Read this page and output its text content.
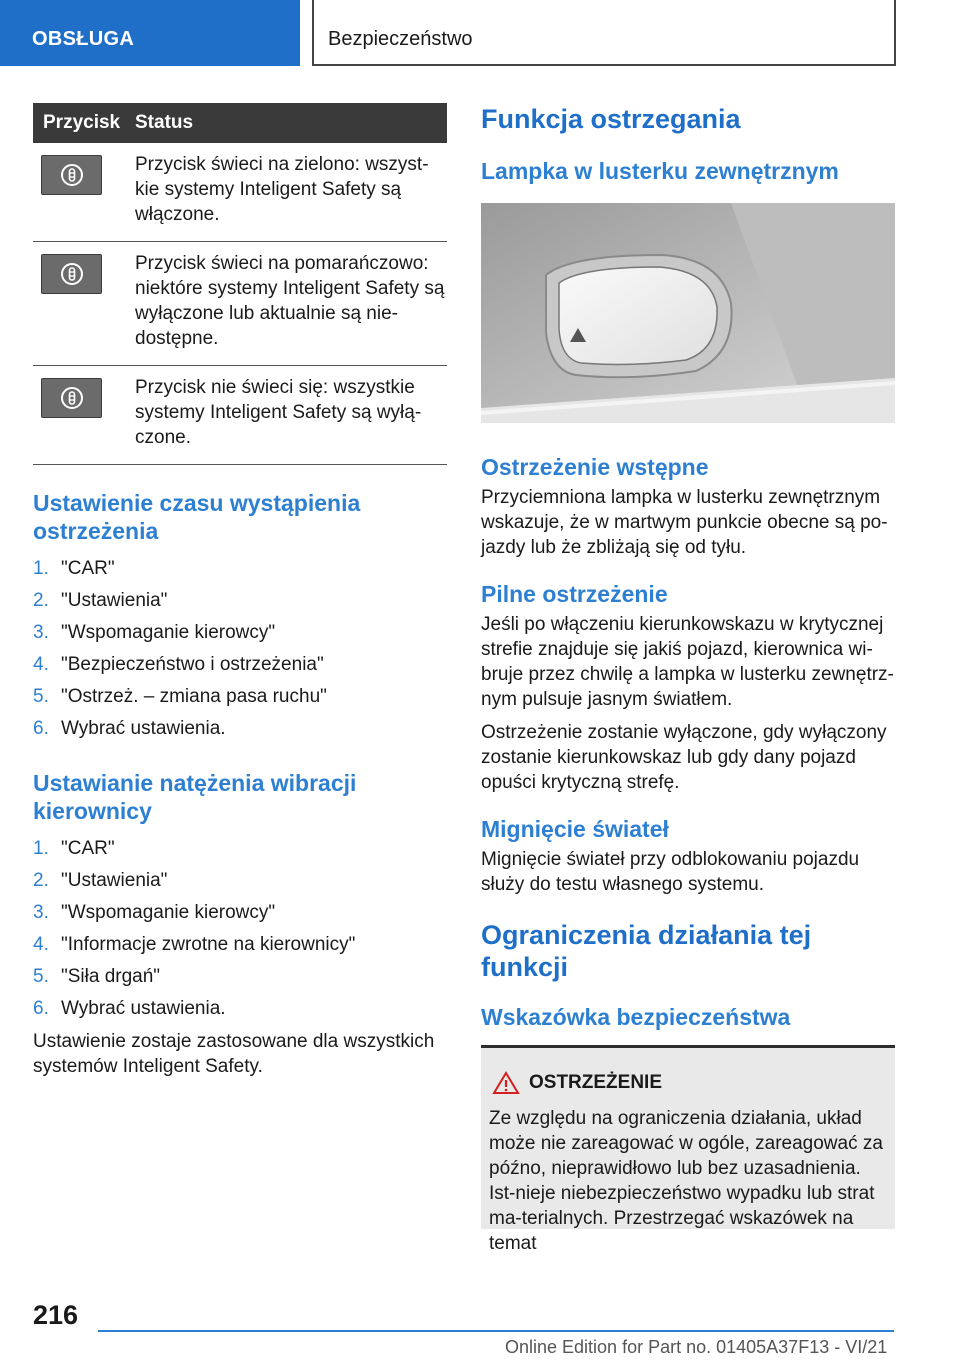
OBSŁUGA	Bezpieczeństwo
Przycisk Status
Przycisk świeci na zielono: wszyst-kie systemy Inteligent Safety są włączone.
Przycisk świeci na pomarańczowo: niektóre systemy Inteligent Safety są wyłączone lub aktualnie są nie-dostępne.
Przycisk nie świeci się: wszystkie systemy Inteligent Safety są wyłą-czone.
Ustawienie czasu wystąpienia ostrzeżenia
1. "CAR"
2. "Ustawienia"
3. "Wspomaganie kierowcy"
4. "Bezpieczeństwo i ostrzeżenia"
5. "Ostrzeż. – zmiana pasa ruchu"
6. Wybrać ustawienia.
Ustawianie natężenia wibracji kierownicy
1. "CAR"
2. "Ustawienia"
3. "Wspomaganie kierowcy"
4. "Informacje zwrotne na kierownicy"
5. "Siła drgań"
6. Wybrać ustawienia.

Ustawienie zostaje zastosowane dla wszystkich systemów Inteligent Safety.

Funkcja ostrzegania
Lampka w lusterku zewnętrznym
Ostrzeżenie wstępne

Przyciemniona lampka w lusterku zewnętrznym wskazuje, że w martwym punkcie obecne są po-jazdy lub że zbliżają się od tyłu.

Pilne ostrzeżenie

Jeśli po włączeniu kierunkowskazu w krytycznej strefie znajduje się jakiś pojazd, kierownica wi-bruje przez chwilę a lampka w lusterku zewnętrz-nym pulsuje jasnym światłem.

Ostrzeżenie zostanie wyłączone, gdy wyłączony zostanie kierunkowskaz lub gdy dany pojazd opuści krytyczną strefę.

Mignięcie świateł

Mignięcie świateł przy odblokowaniu pojazdu służy do testu własnego systemu.

Ograniczenia działania tej funkcji
Wskazówka bezpieczeństwa
OSTRZEŻENIE

Ze względu na ograniczenia działania, układ może nie zareagować w ogóle, zareagować za późno, nieprawidłowo lub bez uzasadnienia. Ist-nieje niebezpieczeństwo wypadku lub strat ma-terialnych. Przestrzegać wskazówek na temat

216
Online Edition for Part no. 01405A37F13 - VI/21
